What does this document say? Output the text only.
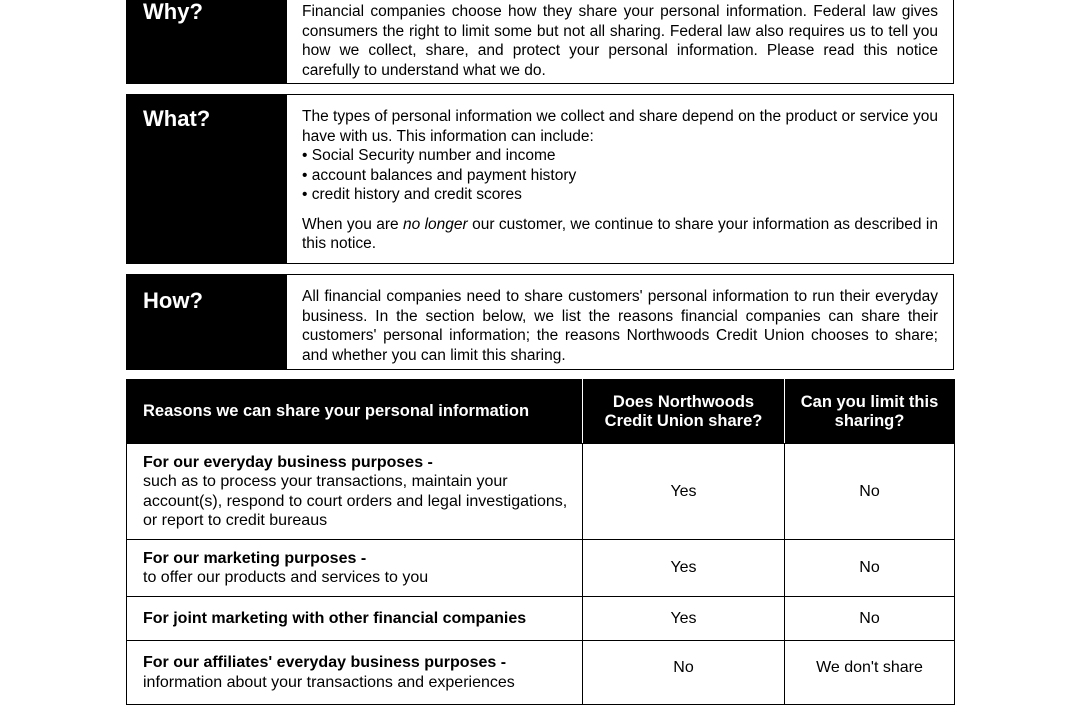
Why?	Financial companies choose how they share your personal information. Federal law gives consumers the right to limit some but not all sharing. Federal law also requires us to tell you how we collect, share, and protect your personal information. Please read this notice carefully to understand what we do.

What?	The types of personal information we collect and share depend on the product or service you have with us. This information can include:

• Social Security number and income
• account balances and payment history
• credit history and credit scores

When you are no longer our customer, we continue to share your information as described in this notice.

How?	All financial companies need to share customers' personal information to run their everyday business. In the section below, we list the reasons financial companies can share their customers' personal information; the reasons Northwoods Credit Union chooses to share; and whether you can limit this sharing.

Reasons we can share your personal information	Does Northwoods Credit Union share?	Can you limit this sharing?

For our everyday business purposes -
such as to process your transactions, maintain your account(s), respond to court orders and legal investigations, or report to credit bureaus	Yes	No

For our marketing purposes -
to offer our products and services to you	Yes	No

For joint marketing with other financial companies	Yes	No

For our affiliates' everyday business purposes -
information about your transactions and experiences	No	We don't share
